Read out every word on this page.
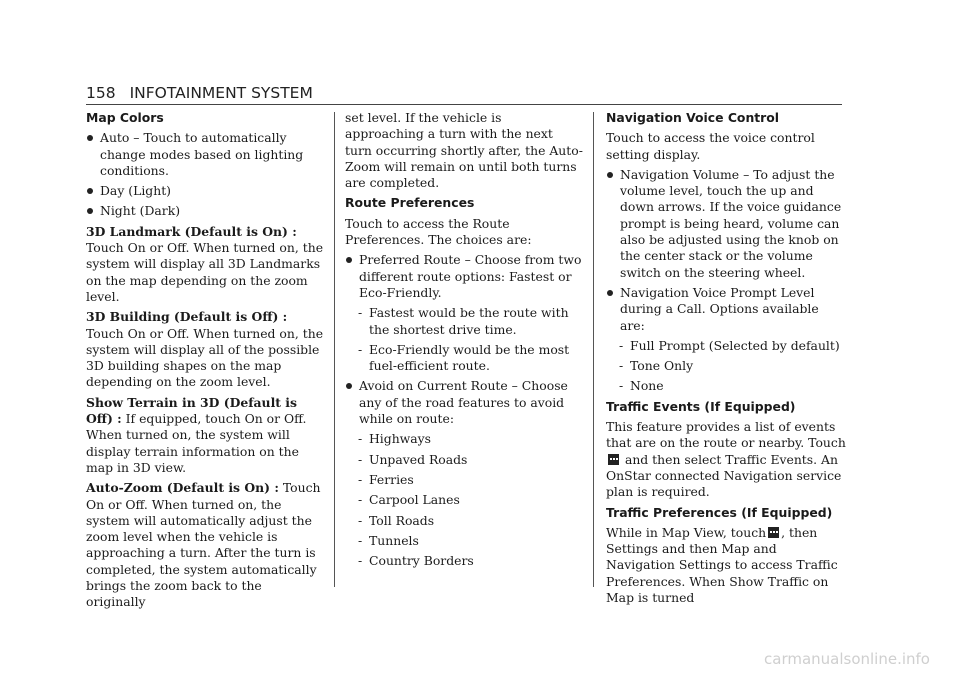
158 INFOTAINMENT SYSTEM
Map Colors
Auto – Touch to automatically change modes based on lighting conditions.
Day (Light)
Night (Dark)

3D Landmark (Default is On) : Touch On or Off. When turned on, the system will display all 3D Landmarks on the map depending on the zoom level.

3D Building (Default is Off) : Touch On or Off. When turned on, the system will display all of the possible 3D building shapes on the map depending on the zoom level.

Show Terrain in 3D (Default is Off) : If equipped, touch On or Off. When turned on, the system will display terrain information on the map in 3D view.

Auto-Zoom (Default is On) : Touch On or Off. When turned on, the system will automatically adjust the zoom level when the vehicle is approaching a turn. After the turn is completed, the system automatically brings the zoom back to the originally

set level. If the vehicle is approaching a turn with the next turn occurring shortly after, the Auto-Zoom will remain on until both turns are completed.

Route Preferences

Touch to access the Route Preferences. The choices are:

Preferred Route – Choose from two different route options: Fastest or Eco-Friendly.
- Fastest would be the route with the shortest drive time.
- Eco-Friendly would be the most fuel-efficient route.
Avoid on Current Route – Choose any of the road features to avoid while on route:
- Highways
- Unpaved Roads
- Ferries
- Carpool Lanes
- Toll Roads
- Tunnels
- Country Borders
Navigation Voice Control

Touch to access the voice control setting display.

Navigation Volume – To adjust the volume level, touch the up and down arrows. If the voice guidance prompt is being heard, volume can also be adjusted using the knob on the center stack or the volume switch on the steering wheel.
Navigation Voice Prompt Level during a Call. Options available are:
- Full Prompt (Selected by default)
- Tone Only
- None
Traffic Events (If Equipped)

This feature provides a list of events that are on the route or nearby. Touch  and then select Traffic Events. An OnStar connected Navigation service plan is required.

Traffic Preferences (If Equipped)

While in Map View, touch , then Settings and then Map and Navigation Settings to access Traffic Preferences. When Show Traffic on Map is turned

carmanualsonline.info
